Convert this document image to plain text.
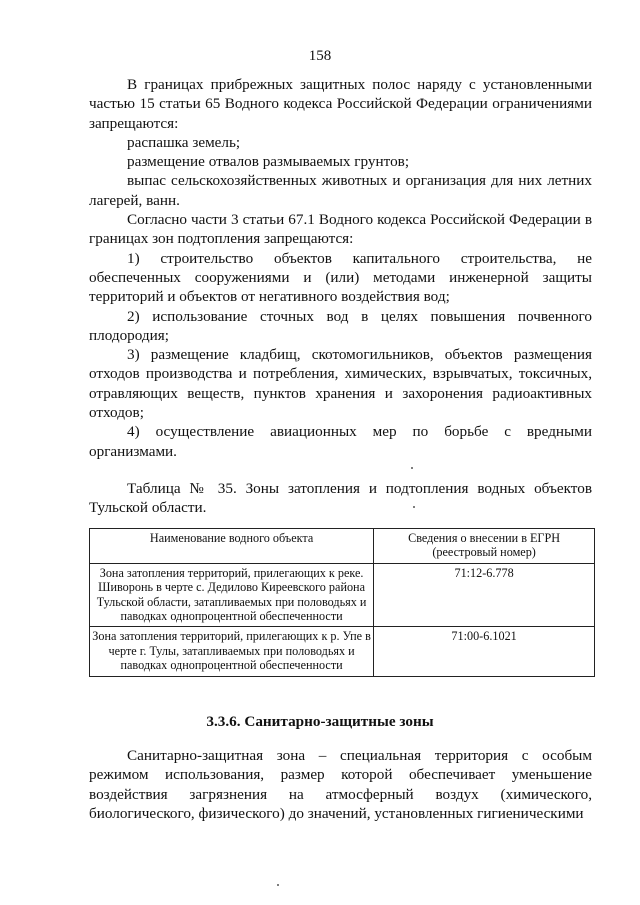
158

В границах прибрежных защитных полос наряду с установленными частью 15 статьи 65 Водного кодекса Российской Федерации ограничениями запрещаются:

распашка земель;

размещение отвалов размываемых грунтов;

выпас сельскохозяйственных животных и организация для них летних лагерей, ванн.

Согласно части 3 статьи 67.1 Водного кодекса Российской Федерации в границах зон подтопления запрещаются:

1) строительство объектов капитального строительства, не обеспеченных сооружениями и (или) методами инженерной защиты территорий и объектов от негативного воздействия вод;

2) использование сточных вод в целях повышения почвенного плодородия;

3) размещение кладбищ, скотомогильников, объектов размещения отходов производства и потребления, химических, взрывчатых, токсичных, отравляющих веществ, пунктов хранения и захоронения радиоактивных отходов;

4) осуществление авиационных мер по борьбе с вредными организмами.

Таблица № 35. Зоны затопления и подтопления водных объектов Тульской области.

Наименование водного объекта	Сведения о внесении в ЕГРН (реестровый номер)
Зона затопления территорий, прилегающих к реке. Шиворонь в черте с. Дедилово Киреевского района Тульской области, затапливаемых при половодьях и паводках однопроцентной обеспеченности	71:12-6.778
Зона затопления территорий, прилегающих к р. Упе в черте г. Тулы, затапливаемых при половодьях и паводках однопроцентной обеспеченности	71:00-6.1021
3.3.6. Санитарно-защитные зоны

Санитарно-защитная зона – специальная территория с особым режимом использования, размер которой обеспечивает уменьшение воздействия загрязнения на атмосферный воздух (химического, биологического, физического) до значений, установленных гигиеническими
